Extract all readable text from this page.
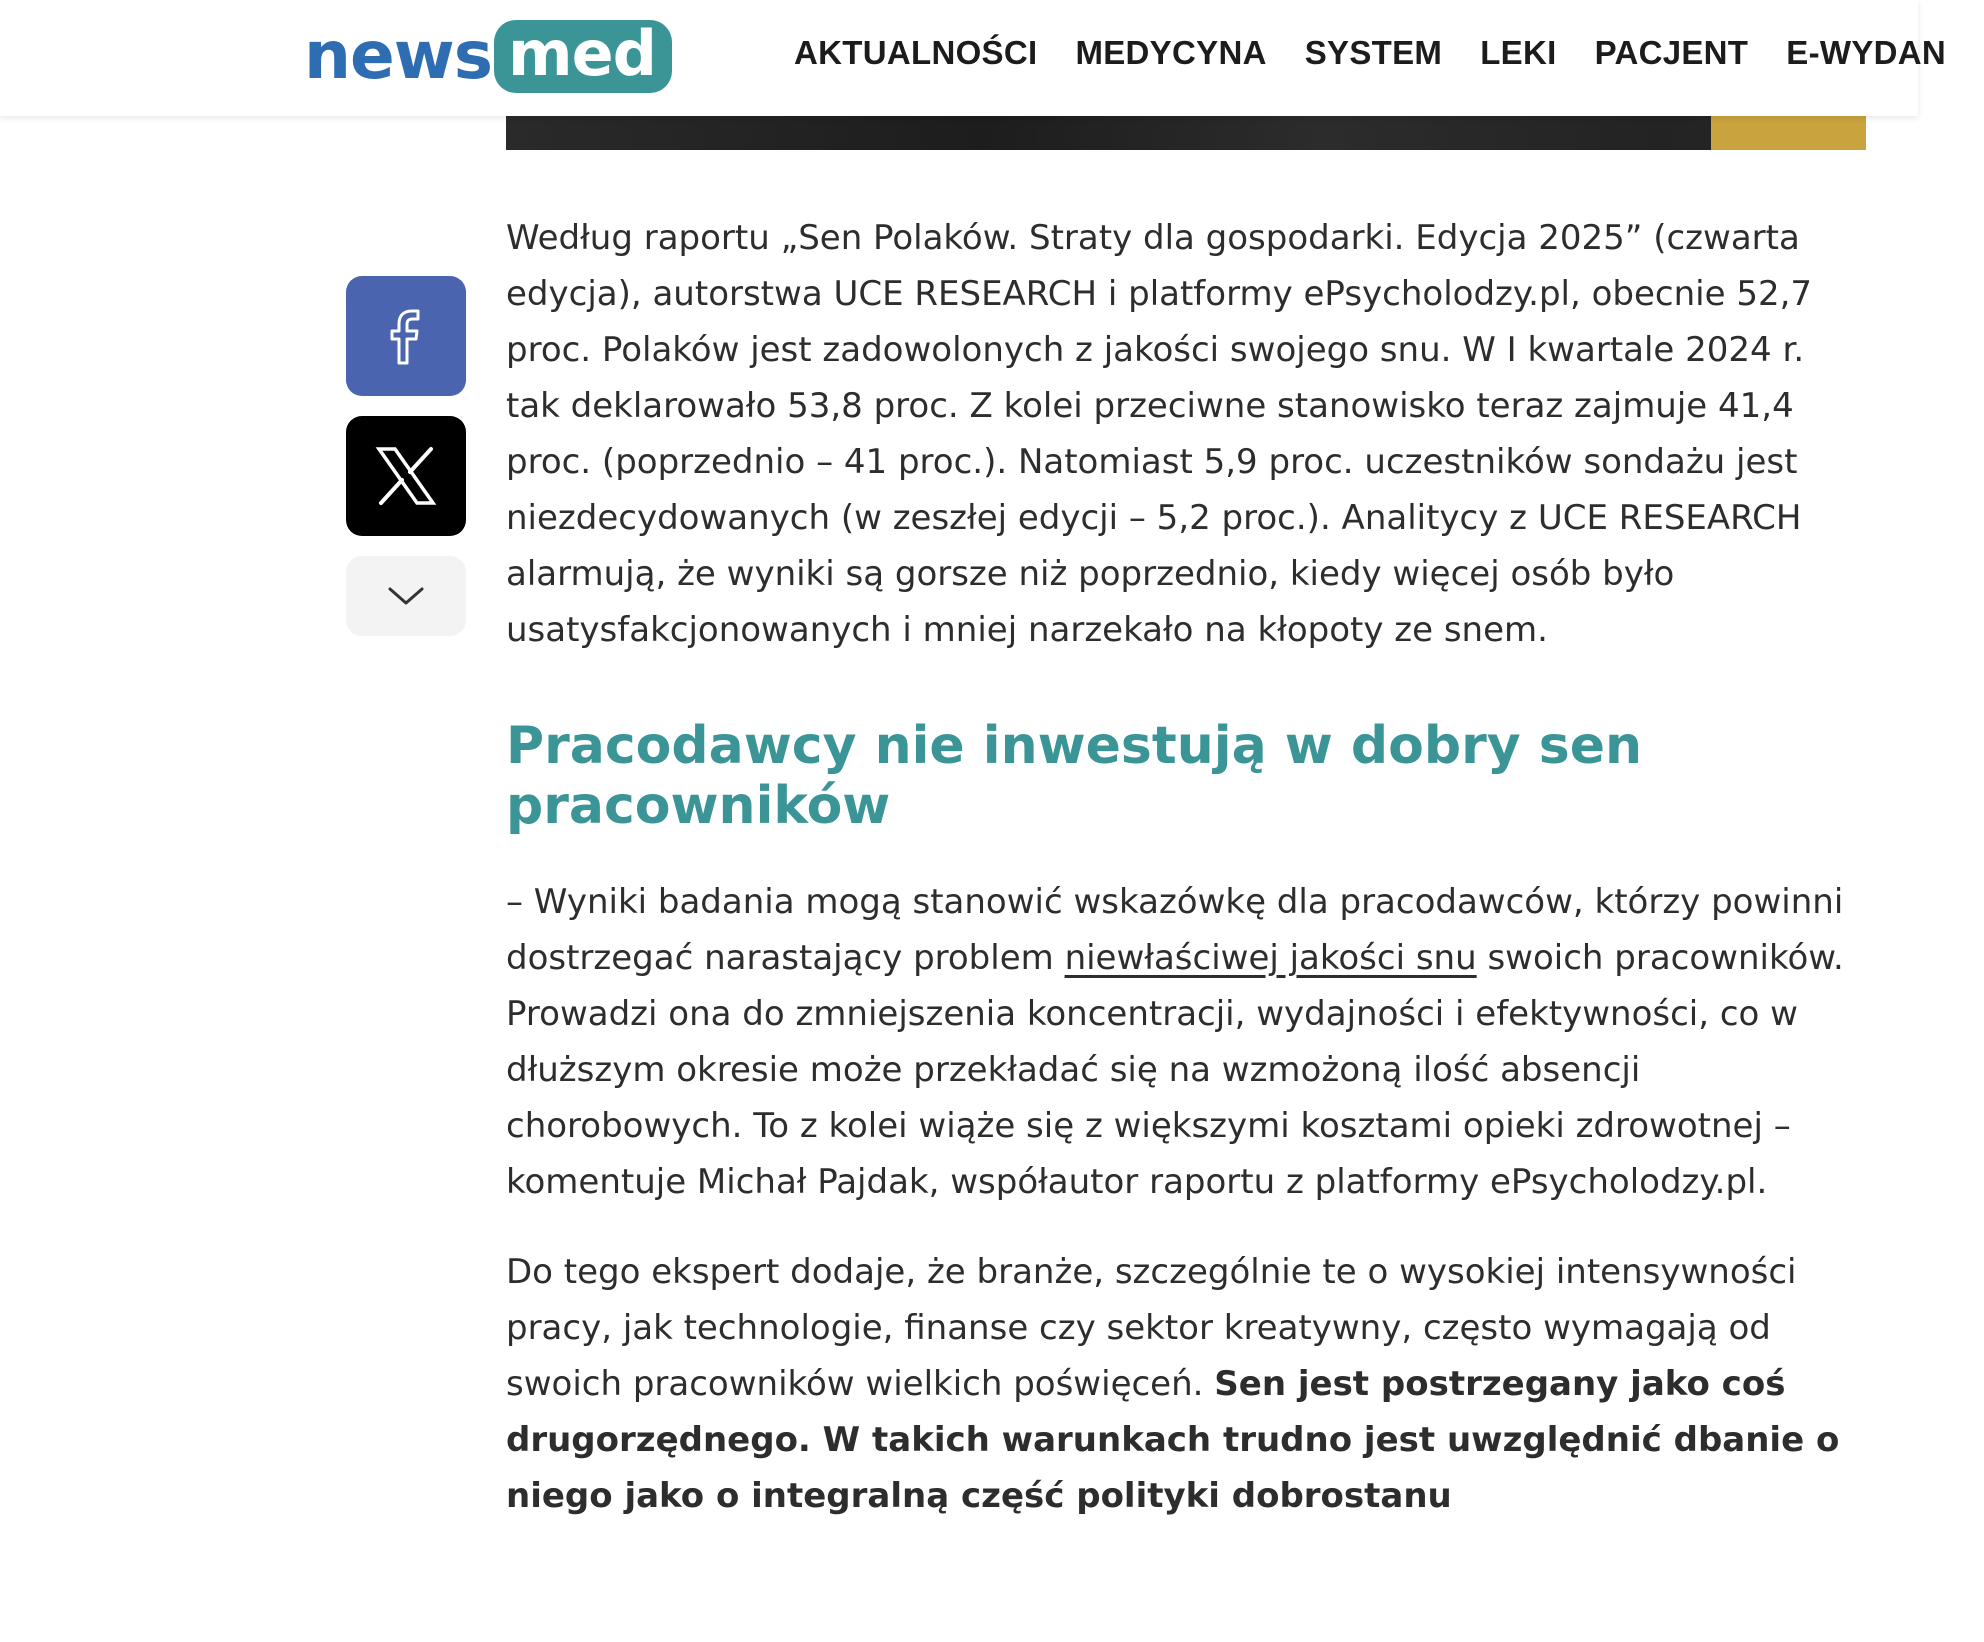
news med	AKTUALNOŚCI MEDYCYNA SYSTEM LEKI PACJENT E-WYDAN

Według raportu „Sen Polaków. Straty dla gospodarki. Edycja 2025” (czwarta edycja), autorstwa UCE RESEARCH i platformy ePsycholodzy.pl, obecnie 52,7 proc. Polaków jest zadowolonych z jakości swojego snu. W I kwartale 2024 r. tak deklarowało 53,8 proc. Z kolei przeciwne stanowisko teraz zajmuje 41,4 proc. (poprzednio – 41 proc.). Natomiast 5,9 proc. uczestników sondażu jest niezdecydowanych (w zeszłej edycji – 5,2 proc.). Analitycy z UCE RESEARCH alarmują, że wyniki są gorsze niż poprzednio, kiedy więcej osób było usatysfakcjonowanych i mniej narzekało na kłopoty ze snem.

Pracodawcy nie inwestują w dobry sen pracowników

– Wyniki badania mogą stanowić wskazówkę dla pracodawców, którzy powinni dostrzegać narastający problem niewłaściwej jakości snu swoich pracowników. Prowadzi ona do zmniejszenia koncentracji, wydajności i efektywności, co w dłuższym okresie może przekładać się na wzmożoną ilość absencji chorobowych. To z kolei wiąże się z większymi kosztami opieki zdrowotnej – komentuje Michał Pajdak, współautor raportu z platformy ePsycholodzy.pl.

Do tego ekspert dodaje, że branże, szczególnie te o wysokiej intensywności pracy, jak technologie, finanse czy sektor kreatywny, często wymagają od swoich pracowników wielkich poświęceń. Sen jest postrzegany jako coś drugorzędnego. W takich warunkach trudno jest uwzględnić dbanie o niego jako o integralną część polityki dobrostanu
